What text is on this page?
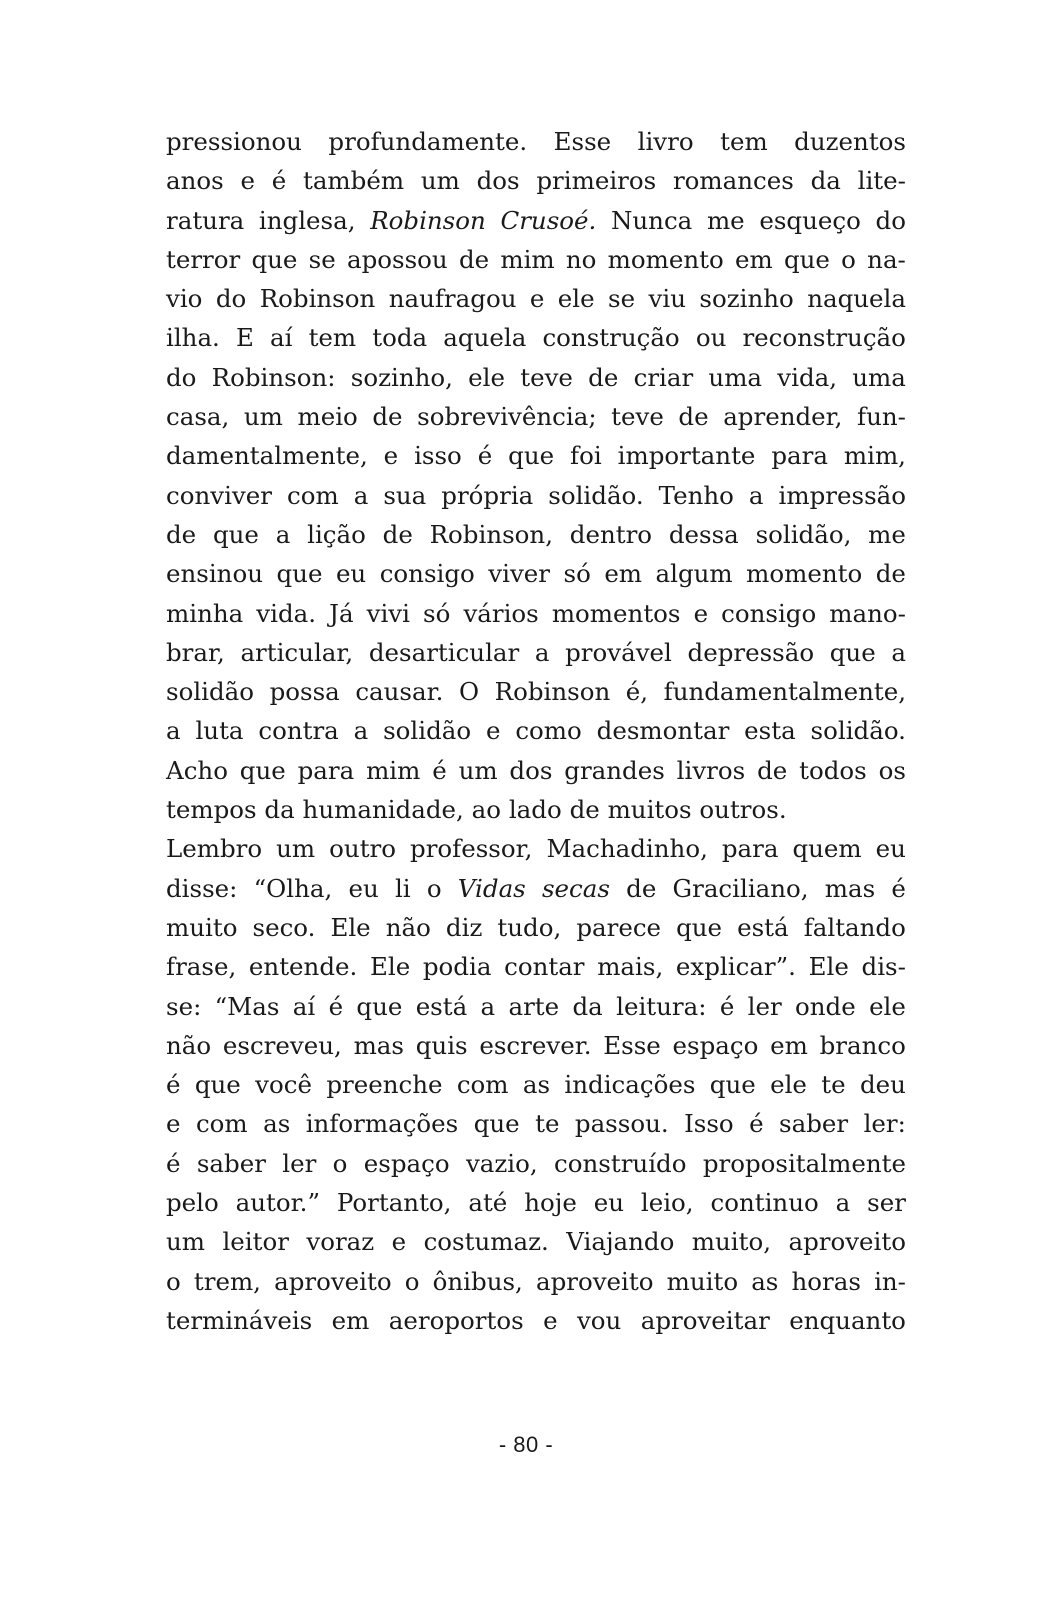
pressionou profundamente. Esse livro tem duzentos
anos e é também um dos primeiros romances da lite-
ratura inglesa, Robinson Crusoé. Nunca me esqueço do
terror que se apossou de mim no momento em que o na-
vio do Robinson naufragou e ele se viu sozinho naquela
ilha. E aí tem toda aquela construção ou reconstrução
do Robinson: sozinho, ele teve de criar uma vida, uma
casa, um meio de sobrevivência; teve de aprender, fun-
damentalmente, e isso é que foi importante para mim,
conviver com a sua própria solidão. Tenho a impressão
de que a lição de Robinson, dentro dessa solidão, me
ensinou que eu consigo viver só em algum momento de
minha vida. Já vivi só vários momentos e consigo mano-
brar, articular, desarticular a provável depressão que a
solidão possa causar. O Robinson é, fundamentalmente,
a luta contra a solidão e como desmontar esta solidão.
Acho que para mim é um dos grandes livros de todos os
tempos da humanidade, ao lado de muitos outros.
Lembro um outro professor, Machadinho, para quem eu
disse: “Olha, eu li o Vidas secas de Graciliano, mas é
muito seco. Ele não diz tudo, parece que está faltando
frase, entende. Ele podia contar mais, explicar”. Ele dis-
se: “Mas aí é que está a arte da leitura: é ler onde ele
não escreveu, mas quis escrever. Esse espaço em branco
é que você preenche com as indicações que ele te deu
e com as informações que te passou. Isso é saber ler:
é saber ler o espaço vazio, construído propositalmente
pelo autor.” Portanto, até hoje eu leio, continuo a ser
um leitor voraz e costumaz. Viajando muito, aproveito
o trem, aproveito o ônibus, aproveito muito as horas in-
termináveis em aeroportos e vou aproveitar enquanto
- 80 -
